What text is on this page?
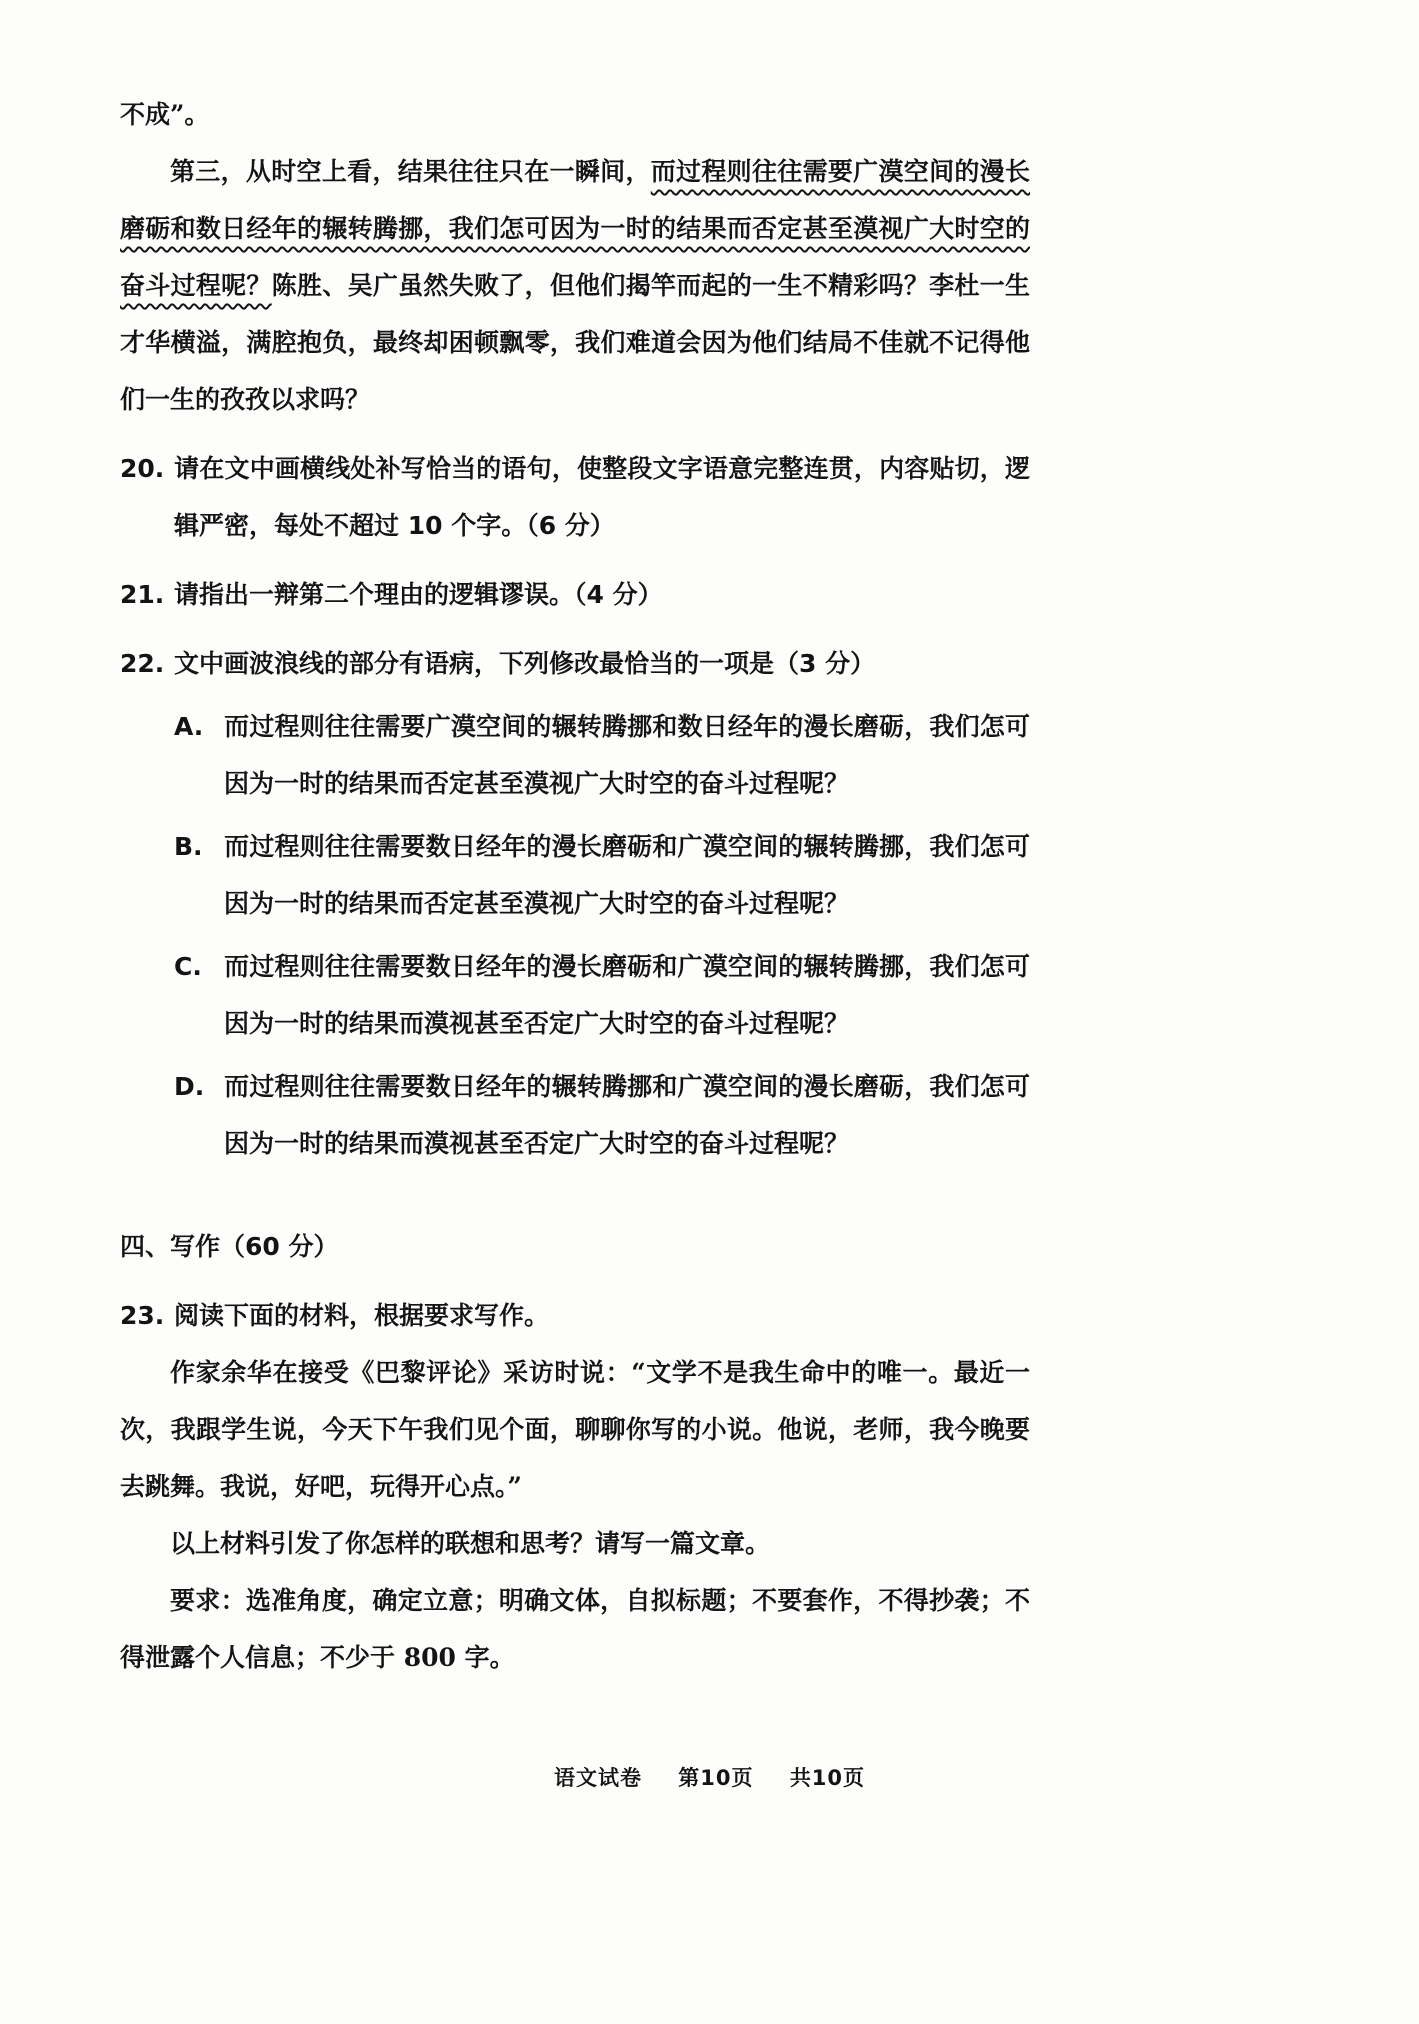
不成”。

第三，从时空上看，结果往往只在一瞬间，而过程则往往需要广漠空间的漫长磨砺和数日经年的辗转腾挪，我们怎可因为一时的结果而否定甚至漠视广大时空的奋斗过程呢？陈胜、吴广虽然失败了，但他们揭竿而起的一生不精彩吗？李杜一生才华横溢，满腔抱负，最终却困顿飘零，我们难道会因为他们结局不佳就不记得他们一生的孜孜以求吗？

20. 请在文中画横线处补写恰当的语句，使整段文字语意完整连贯，内容贴切，逻辑严密，每处不超过 10 个字。（6 分）
21. 请指出一辩第二个理由的逻辑谬误。（4 分）
22. 文中画波浪线的部分有语病，下列修改最恰当的一项是（3 分）
A. 而过程则往往需要广漠空间的辗转腾挪和数日经年的漫长磨砺，我们怎可因为一时的结果而否定甚至漠视广大时空的奋斗过程呢？
B. 而过程则往往需要数日经年的漫长磨砺和广漠空间的辗转腾挪，我们怎可因为一时的结果而否定甚至漠视广大时空的奋斗过程呢？
C. 而过程则往往需要数日经年的漫长磨砺和广漠空间的辗转腾挪，我们怎可因为一时的结果而漠视甚至否定广大时空的奋斗过程呢？
D. 而过程则往往需要数日经年的辗转腾挪和广漠空间的漫长磨砺，我们怎可因为一时的结果而漠视甚至否定广大时空的奋斗过程呢？
四、写作（60 分）
23. 阅读下面的材料，根据要求写作。

作家余华在接受《巴黎评论》采访时说：“文学不是我生命中的唯一。最近一次，我跟学生说，今天下午我们见个面，聊聊你写的小说。他说，老师，我今晚要去跳舞。我说，好吧，玩得开心点。”

以上材料引发了你怎样的联想和思考？请写一篇文章。

要求：选准角度，确定立意；明确文体，自拟标题；不要套作，不得抄袭；不得泄露个人信息；不少于 800 字。

语文试卷 第10页 共10页
